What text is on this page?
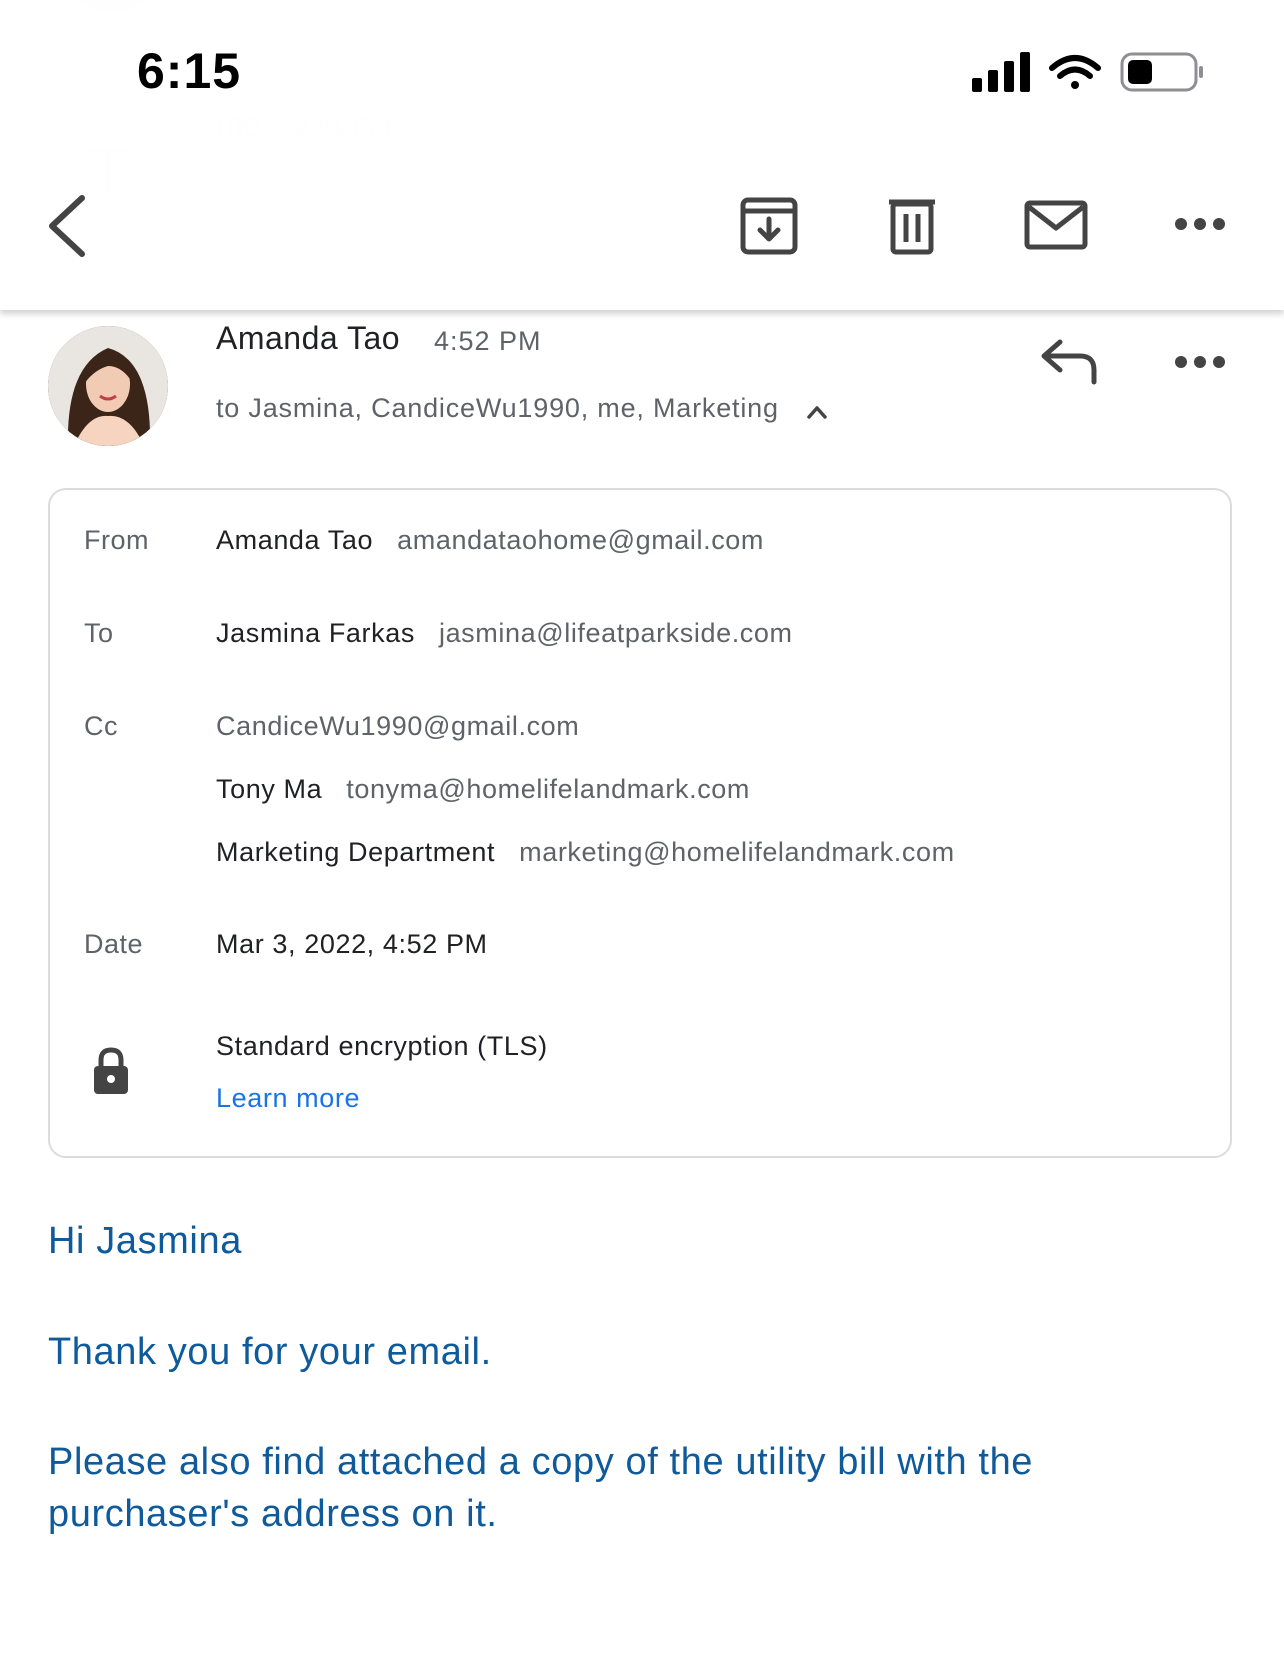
6:15
Amanda Tao 4:52 PM
to Jasmina, CandiceWu1990, me, Marketing
From Amanda Tao amandataohome@gmail.com
To	Jasmina Farkas jasmina@lifeatparkside.com
Cc	CandiceWu1990@gmail.com
Tony Ma tonyma@homelifelandmark.com
Marketing Department marketing@homelifelandmark.com
Date	Mar 3, 2022, 4:52 PM
Standard encryption (TLS)
Learn more
Hi Jasmina
Thank you for your email.
Please also find attached a copy of the utility bill with the purchaser's address on it.
